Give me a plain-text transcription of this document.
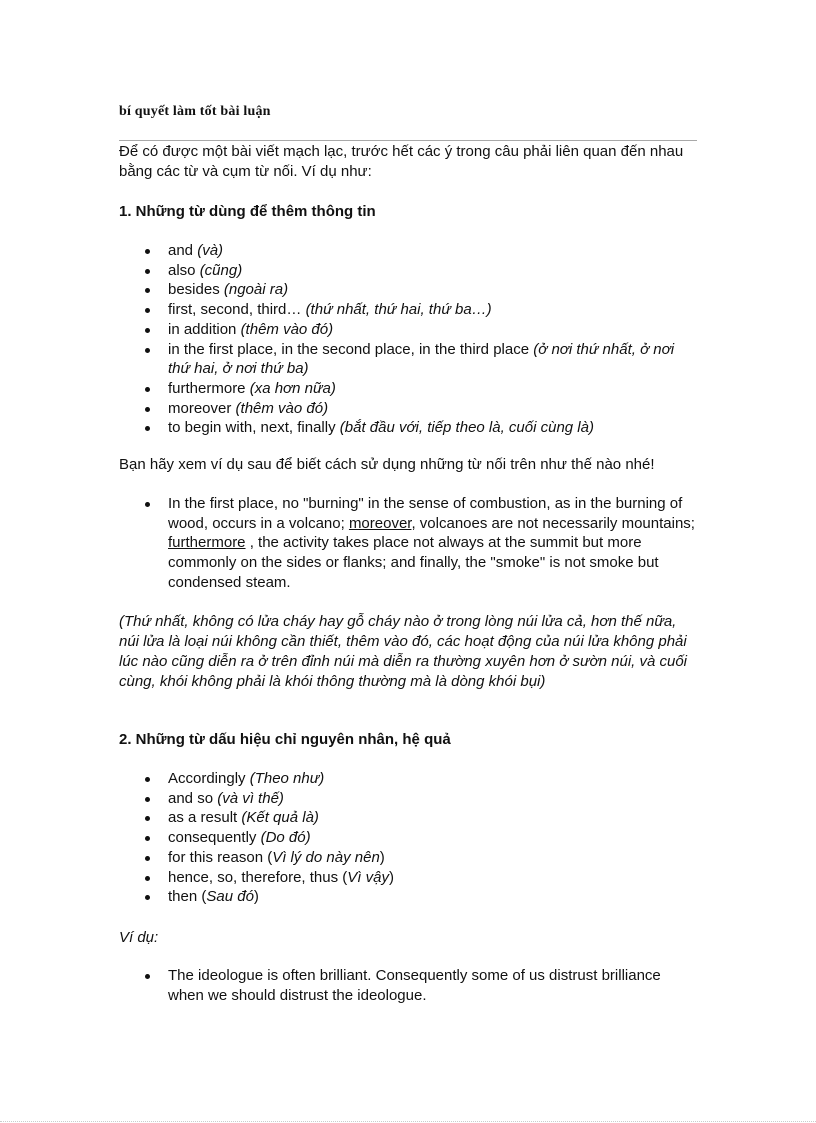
bí quyết làm tốt bài luận

Để có được một bài viết mạch lạc, trước hết các ý trong câu phải liên quan đến nhau bằng các từ và cụm từ nối. Ví dụ như:

1. Những từ dùng để thêm thông tin
and (và)
also (cũng)
besides (ngoài ra)
first, second, third… (thứ nhất, thứ hai, thứ ba…)
in addition (thêm vào đó)
in the first place, in the second place, in the third place (ở nơi thứ nhất, ở nơi thứ hai, ở nơi thứ ba)
furthermore (xa hơn nữa)
moreover (thêm vào đó)
to begin with, next, finally (bắt đầu với, tiếp theo là, cuối cùng là)

Bạn hãy xem ví dụ sau để biết cách sử dụng những từ nối trên như thế nào nhé!

In the first place, no "burning" in the sense of combustion, as in the burning of wood, occurs in a volcano; moreover, volcanoes are not necessarily mountains; furthermore , the activity takes place not always at the summit but more commonly on the sides or flanks; and finally, the "smoke" is not smoke but condensed steam.

(Thứ nhất, không có lửa cháy hay gỗ cháy nào ở trong lòng núi lửa cả, hơn thế nữa, núi lửa là loại núi không cần thiết, thêm vào đó, các hoạt động của núi lửa không phải lúc nào cũng diễn ra ở trên đỉnh núi mà diễn ra thường xuyên hơn ở sườn núi, và cuối cùng, khói không phải là khói thông thường mà là dòng khói bụi)

2. Những từ dấu hiệu chỉ nguyên nhân, hệ quả
Accordingly (Theo như)
and so (và vì thế)
as a result (Kết quả là)
consequently (Do đó)
for this reason (Vì lý do này nên)
hence, so, therefore, thus (Vì vậy)
then (Sau đó)

Ví dụ:

The ideologue is often brilliant. Consequently some of us distrust brilliance when we should distrust the ideologue.
